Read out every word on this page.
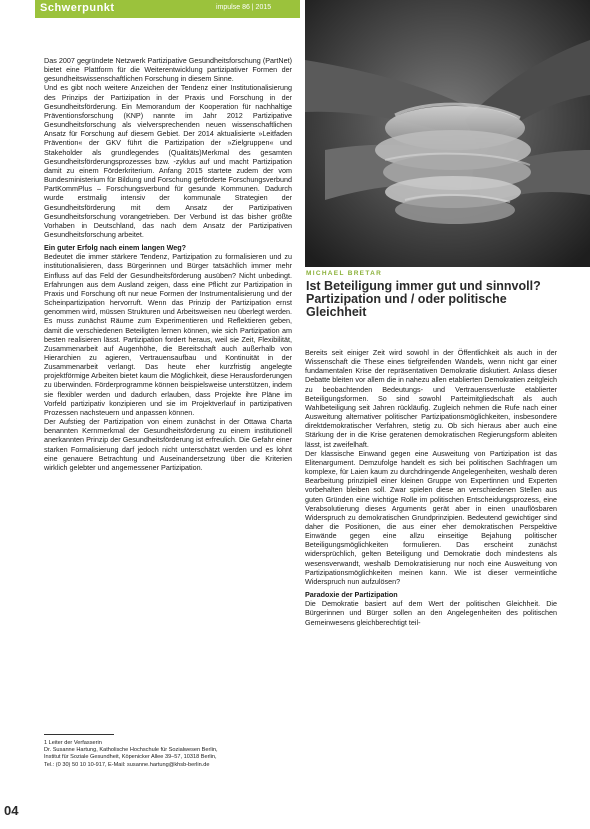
Schwerpunkt	impulse 86 | 2015

Das 2007 gegründete Netzwerk Partizipative Gesundheitsforschung (PartNet) bietet eine Plattform für die Weiterentwicklung partizipativer Formen der gesundheitswissenschaftlichen Forschung in diesem Sinne.

Und es gibt noch weitere Anzeichen der Tendenz einer Institutionalisierung des Prinzips der Partizipation in der Praxis und Forschung in der Gesundheitsförderung. Ein Memorandum der Kooperation für nachhaltige Präventionsforschung (KNP) nannte im Jahr 2012 Partizipative Gesundheitsforschung als vielversprechenden neuen wissenschaftlichen Ansatz für Forschung auf diesem Gebiet. Der 2014 aktualisierte »Leitfaden Prävention« der GKV führt die Partizipation der »Zielgruppen« und Stakeholder als grundlegendes (Qualitäts)Merkmal des gesamten Gesundheitsförderungsprozesses bzw. -zyklus auf und macht Partizipation damit zu einem Förderkriterium. Anfang 2015 startete zudem der vom Bundesministerium für Bildung und Forschung geförderte Forschungsverbund PartKommPlus – Forschungsverbund für gesunde Kommunen. Dadurch wurde erstmalig intensiv der kommunale Strategien der Gesundheitsförderung mit dem Ansatz der Partizipativen Gesundheitsforschung vorangetrieben. Der Verbund ist das bisher größte Vorhaben in Deutschland, das nach dem Ansatz der Partizipativen Gesundheitsforschung arbeitet.

Ein guter Erfolg nach einem langen Weg?

Bedeutet die immer stärkere Tendenz, Partizipation zu formalisieren und zu institutionalisieren, dass Bürgerinnen und Bürger tatsächlich immer mehr Einfluss auf das Feld der Gesundheitsförderung ausüben? Nicht unbedingt. Erfahrungen aus dem Ausland zeigen, dass eine Pflicht zur Partizipation in Praxis und Forschung oft nur neue Formen der Instrumentalisierung und der Scheinpartizipation hervorruft. Wenn das Prinzip der Partizipation ernst genommen wird, müssen Strukturen und Arbeitsweisen neu überlegt werden. Es muss zunächst Räume zum Experimentieren und Reflektieren geben, damit die verschiedenen Beteiligten lernen können, wie sich Partizipation am besten realisieren lässt. Partizipation fordert heraus, weil sie Zeit, Flexibilität, Zusammenarbeit auf Augenhöhe, die Bereitschaft auch außerhalb von Hierarchien zu agieren, Vertrauensaufbau und Kontinuität in der Zusammenarbeit verlangt. Das heute eher kurzfristig angelegte projektförmige Arbeiten bietet kaum die Möglichkeit, diese Herausforderungen zu überwinden. Förderprogramme können beispielsweise unterstützen, indem sie flexibler werden und dadurch erlauben, dass Projekte ihre Pläne im Vorfeld partizipativ konzipieren und sie im Projektverlauf in partizipativen Prozessen nachsteuern und anpassen können.

Der Aufstieg der Partizipation von einem zunächst in der Ottawa Charta benannten Kernmerkmal der Gesundheitsförderung zu einem institutionell anerkannten Prinzip der Gesundheitsförderung ist erfreulich. Die Gefahr einer starken Formalisierung darf jedoch nicht unterschätzt werden und es lohnt eine genauere Betrachtung und Auseinandersetzung über die Kriterien wirklich gelebter und angemessener Partizipation.

1 Leiter der Verfasserin
Dr. Susanne Hartung, Katholische Hochschule für Sozialwesen Berlin,
Institut für Soziale Gesundheit, Köpenicker Allee 39–57, 10318 Berlin,
Tel.: (0 30) 50 10 10-917, E-Mail: susanne.hartung@khsb-berlin.de
MICHAEL BRETAR
Ist Beteiligung immer gut und sinnvoll?
Partizipation und / oder politische
Gleichheit

Bereits seit einiger Zeit wird sowohl in der Öffentlichkeit als auch in der Wissenschaft die These eines tiefgreifenden Wandels, wenn nicht gar einer fundamentalen Krise der repräsentativen Demokratie diskutiert. Anlass dieser Debatte bleiten vor allem die in nahezu allen etablierten Demokratien zeitgleich zu beobachtenden Bedeutungs- und Vertrauensverluste etablierter Beteiligungsformen. So sind sowohl Parteimitgliedschaft als auch Wahlbeteiligung seit Jahren rückläufig. Zugleich nehmen die Rufe nach einer Ausweitung alternativer politischer Partizipationsmöglichkeiten, insbesondere direktdemokratischer Verfahren, stetig zu. Ob sich hieraus aber auch eine Stärkung der in die Krise geratenen demokratischen Regierungsform ableiten lässt, ist zweifelhaft.

Der klassische Einwand gegen eine Ausweitung von Partizipation ist das Elitenargument. Demzufolge handelt es sich bei politischen Sachfragen um komplexe, für Laien kaum zu durchdringende Angelegenheiten, weshalb deren Bearbeitung prinzipiell einer kleinen Gruppe von Expertinnen und Experten vorbehalten bleiben soll. Zwar spielen diese an verschiedenen Stellen aus guten Gründen eine wichtige Rolle im politischen Entscheidungsprozess, eine Verabsolutierung dieses Arguments gerät aber in einen unauflösbaren Widerspruch zu demokratischen Grundprinzipien. Bedeutend gewichtiger sind daher die Positionen, die aus einer eher demokratischen Perspektive Einwände gegen eine allzu einseitige Bejahung politischer Beteiligungsmöglichkeiten formulieren. Das erscheint zunächst widersprüchlich, gelten Beteiligung und Demokratie doch mindestens als wesensverwandt, weshalb Demokratisierung nur noch eine Ausweitung von Partizipationsmöglichkeiten meinen kann. Wie ist dieser vermeintliche Widerspruch nun aufzulösen?

Paradoxie der Partizipation

Die Demokratie basiert auf dem Wert der politischen Gleichheit. Die Bürgerinnen und Bürger sollen an den Angelegenheiten des politischen Gemeinwesens gleichberechtigt teil-

04
